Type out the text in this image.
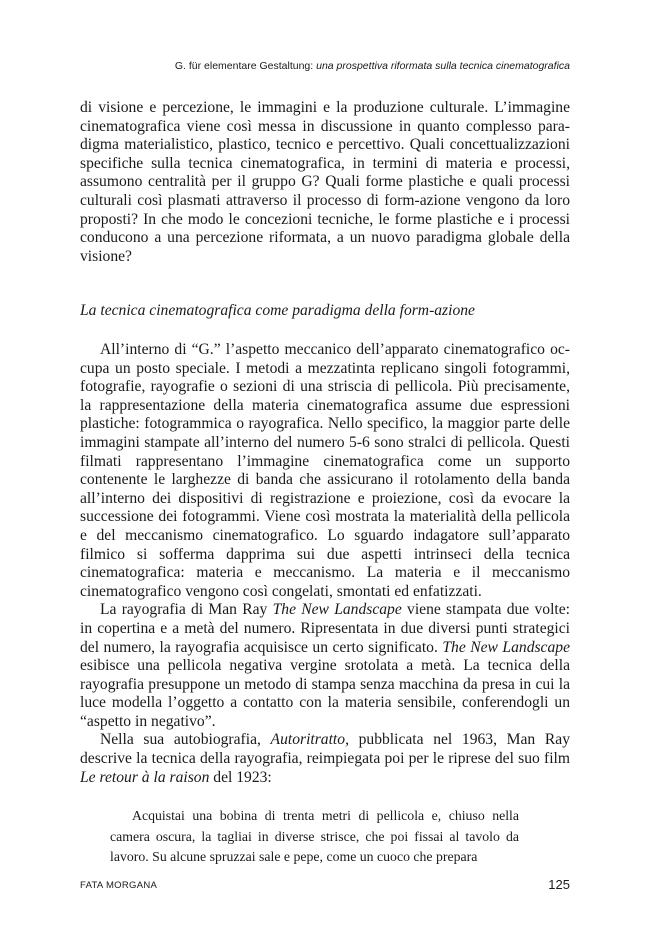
G. für elementare Gestaltung: una prospettiva riformata sulla tecnica cinematografica

di visione e percezione, le immagini e la produzione culturale. L’immagine cinematografica viene così messa in discussione in quanto complesso paradigma materialistico, plastico, tecnico e percettivo. Quali concettualizzazioni specifiche sulla tecnica cinematografica, in termini di materia e processi, assumono centralità per il gruppo G? Quali forme plastiche e quali processi culturali così plasmati attraverso il processo di form-azione vengono da loro proposti? In che modo le concezioni tecniche, le forme plastiche e i processi conducono a una percezione riformata, a un nuovo paradigma globale della visione?

La tecnica cinematografica come paradigma della form-azione

All’interno di “G.” l’aspetto meccanico dell’apparato cinematografico occupa un posto speciale. I metodi a mezzatinta replicano singoli fotogrammi, fotografie, rayografie o sezioni di una striscia di pellicola. Più precisamente, la rappresentazione della materia cinematografica assume due espressioni plastiche: fotogrammica o rayografica. Nello specifico, la maggior parte delle immagini stampate all’interno del numero 5-6 sono stralci di pellicola. Questi filmati rappresentano l’immagine cinematografica come un supporto contenente le larghezze di banda che assicurano il rotolamento della banda all’interno dei dispositivi di registrazione e proiezione, così da evocare la successione dei fotogrammi. Viene così mostrata la materialità della pellicola e del meccanismo cinematografico. Lo sguardo indagatore sull’apparato filmico si sofferma dapprima sui due aspetti intrinseci della tecnica cinematografica: materia e meccanismo. La materia e il meccanismo cinematografico vengono così congelati, smontati ed enfatizzati.

La rayografia di Man Ray The New Landscape viene stampata due volte: in copertina e a metà del numero. Ripresentata in due diversi punti strategici del numero, la rayografia acquisisce un certo significato. The New Landscape esibisce una pellicola negativa vergine srotolata a metà. La tecnica della rayografia presuppone un metodo di stampa senza macchina da presa in cui la luce modella l’oggetto a contatto con la materia sensibile, conferendogli un “aspetto in negativo”.

Nella sua autobiografia, Autoritratto, pubblicata nel 1963, Man Ray descrive la tecnica della rayografia, reimpiegata poi per le riprese del suo film Le retour à la raison del 1923:

Acquistai una bobina di trenta metri di pellicola e, chiuso nella camera oscura, la tagliai in diverse strisce, che poi fissai al tavolo da lavoro. Su alcune spruzzai sale e pepe, come un cuoco che prepara

FATA MORGANA	125
